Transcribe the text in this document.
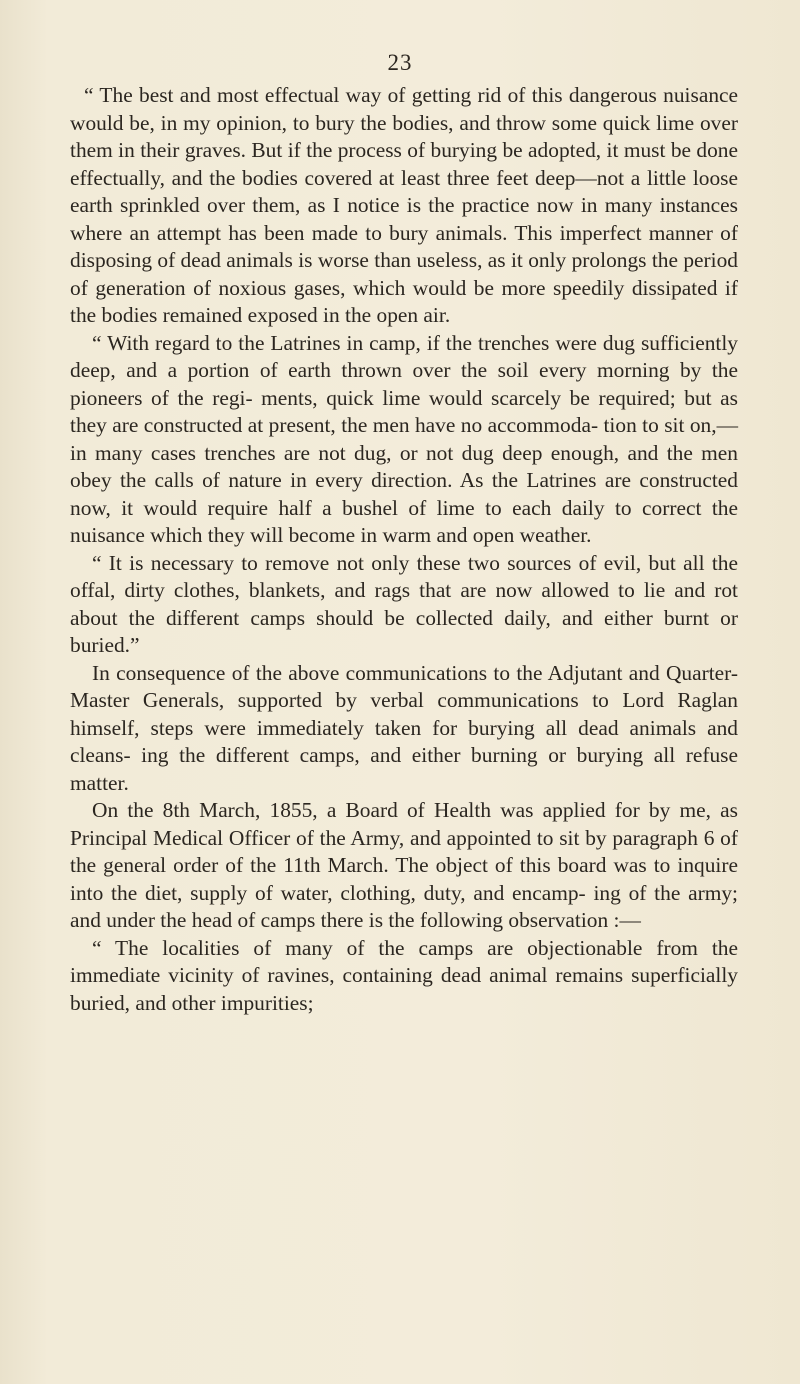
23

“ The best and most effectual way of getting rid of this dangerous nuisance would be, in my opinion, to bury the bodies, and throw some quick lime over them in their graves. But if the process of burying be adopted, it must be done effectually, and the bodies covered at least three feet deep—not a little loose earth sprinkled over them, as I notice is the practice now in many instances where an attempt has been made to bury animals. This imperfect manner of disposing of dead animals is worse than useless, as it only prolongs the period of generation of noxious gases, which would be more speedily dissipated if the bodies remained exposed in the open air.

“ With regard to the Latrines in camp, if the trenches were dug sufficiently deep, and a portion of earth thrown over the soil every morning by the pioneers of the regi- ments, quick lime would scarcely be required; but as they are constructed at present, the men have no accommoda- tion to sit on,— in many cases trenches are not dug, or not dug deep enough, and the men obey the calls of nature in every direction. As the Latrines are constructed now, it would require half a bushel of lime to each daily to correct the nuisance which they will become in warm and open weather.

“ It is necessary to remove not only these two sources of evil, but all the offal, dirty clothes, blankets, and rags that are now allowed to lie and rot about the different camps should be collected daily, and either burnt or buried.”

In consequence of the above communications to the Adjutant and Quarter-Master Generals, supported by verbal communications to Lord Raglan himself, steps were immediately taken for burying all dead animals and cleans- ing the different camps, and either burning or burying all refuse matter.

On the 8th March, 1855, a Board of Health was applied for by me, as Principal Medical Officer of the Army, and appointed to sit by paragraph 6 of the general order of the 11th March. The object of this board was to inquire into the diet, supply of water, clothing, duty, and encamp- ing of the army; and under the head of camps there is the following observation :—

“ The localities of many of the camps are objectionable from the immediate vicinity of ravines, containing dead animal remains superficially buried, and other impurities;
